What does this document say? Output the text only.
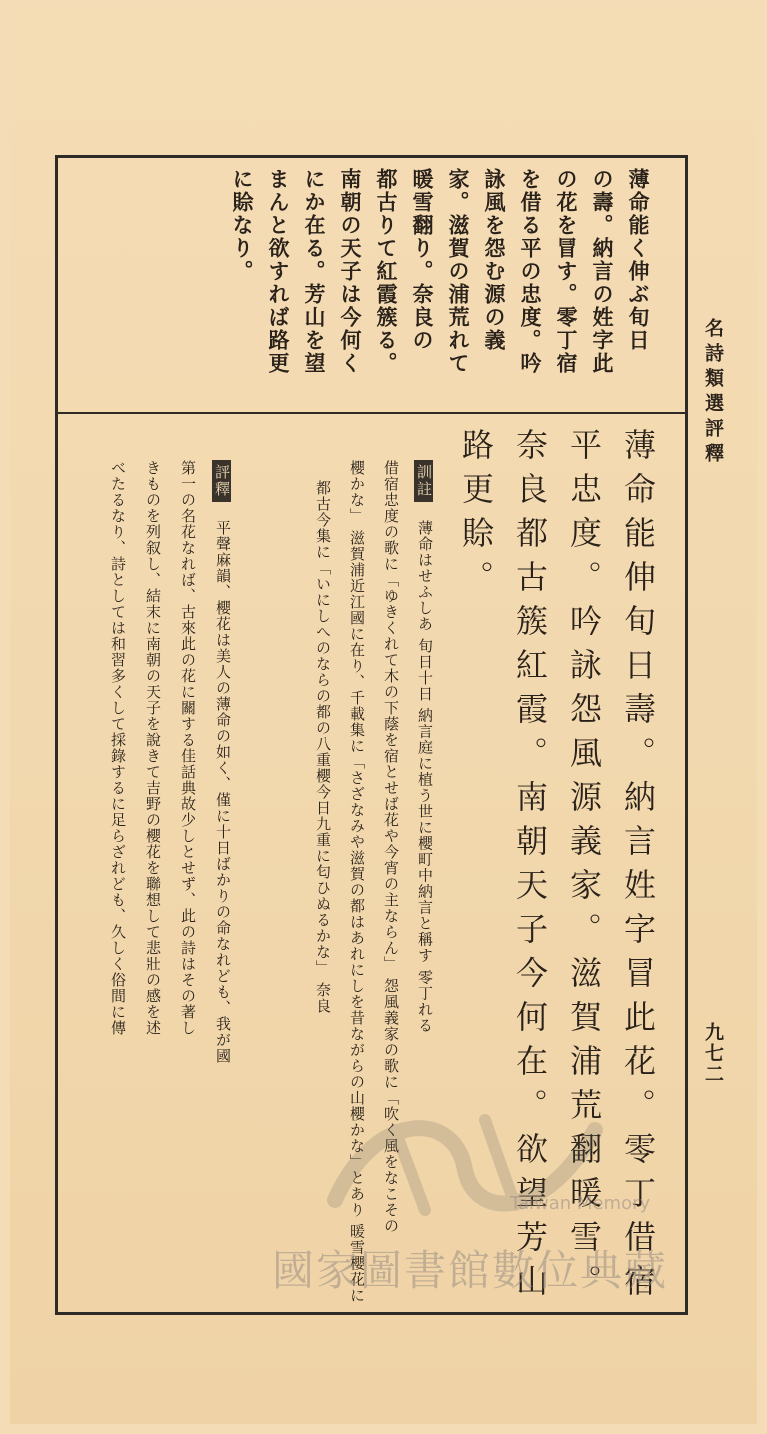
名詩類選評釋
九七二
薄命能く伸ぶ旬日
の壽。納言の姓字此
の花を冒す。零丁宿
を借る平の忠度。吟
詠風を怨む源の義
家。滋賀の浦荒れて
暖雪翻り。奈良の
都古りて紅霞簇る。
南朝の天子は今何く
にか在る。芳山を望
まんと欲すれば路更
に賒なり。
薄命能伸旬日壽。納言姓字冒此花。零丁借宿
平忠度。吟詠怨風源義家。滋賀浦荒翻暖雪。
奈良都古簇紅霞。南朝天子今何在。欲望芳山
路更賒。
訓註
薄命はせふしあ 旬日十日 納言庭に植う世に櫻町中納言と稱す 零丁れる
借宿忠度の歌に「ゆきくれて木の下蔭を宿とせば花や今宵の主ならん」 怨風義家の歌に「吹く風をなこその
櫻かな」 滋賀浦近江國に在り、千載集に「さざなみや滋賀の都はあれにしを昔ながらの山櫻かな」とあり 暖雪櫻花に
都古今集に「いにしへのならの都の八重櫻今日九重に匂ひぬるかな」 奈良
評釋
平聲麻韻、櫻花は美人の薄命の如く、僅に十日ばかりの命なれども、我が國
第一の名花なれば、古來此の花に關する佳話典故少しとせず、此の詩はその著し
きものを列叙し、結末に南朝の天子を說きて吉野の櫻花を聯想して悲壯の感を述
べたるなり、詩としては和習多くして採錄するに足らざれども、久しく俗間に傳
Taiwan Memory
國家圖書館數位典藏
